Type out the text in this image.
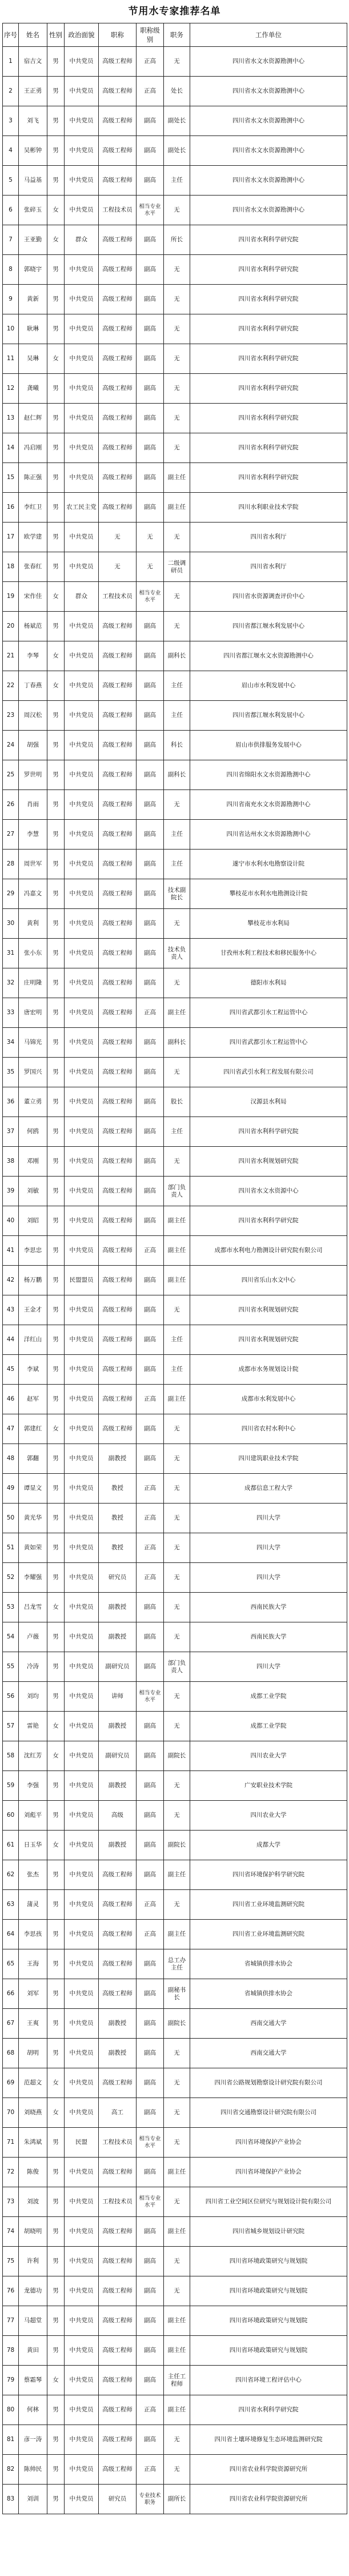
节用水专家推荐名单
序号	姓名	性别	政治面貌	职称	职称级别	职务	工作单位
1	宿吉文	男	中共党员	高级工程师	正高	无	四川省水文水资源勘测中心
2	王正勇	男	中共党员	高级工程师	正高	处长	四川省水文水资源勘测中心
3	刘飞	男	中共党员	高级工程师	副高	副处长	四川省水文水资源勘测中心
4	吴彬钟	男	中共党员	高级工程师	副高	副处长	四川省水文水资源勘测中心
5	马益基	男	中共党员	高级工程师	副高	主任	四川省水文水资源勘测中心
6	张碎玉	女	中共党员	工程技术员	相当专业水平	无	四川省水文水资源勘测中心
7	王亚勤	女	群众	高级工程师	副高	所长	四川省水利科学研究院
8	郭晓宇	男	中共党员	高级工程师	副高	无	四川省水利科学研究院
9	黄新	男	中共党员	高级工程师	副高	无	四川省水利科学研究院
10	耿琳	男	中共党员	高级工程师	副高	无	四川省水利科学研究院
11	吴琳	女	中共党员	高级工程师	副高	无	四川省水利科学研究院
12	龚曦	男	中共党员	高级工程师	副高	无	四川省水利科学研究院
13	赵仁辉	男	中共党员	高级工程师	副高	无	四川省水利科学研究院
14	冯启刚	男	中共党员	高级工程师	副高	无	四川省水利科学研究院
15	陈正强	男	中共党员	高级工程师	副高	副主任	四川省水利科学研究院
16	李红卫	男	农工民主党	高级工程师	副高	副主任	四川水利职业技术学院
17	欧学建	男	中共党员	无	无	无	四川省水利厅
18	张春红	男	中共党员	无	无	二级调研员	四川省水利厅
19	宋作佳	女	群众	工程技术员	相当专业水平	无	四川省水资源调查评价中心
20	杨斌范	男	中共党员	高级工程师	副高	无	四川省都江堰水利发展中心
21	李琴	女	中共党员	高级工程师	副高	副科长	四川省都江堰水文水资源勘测中心
22	丁春燕	女	中共党员	高级工程师	副高	主任	眉山市水利发展中心
23	周汉松	男	中共党员	高级工程师	副高	主任	四川省都江堰水利发展中心
24	胡强	男	中共党员	高级工程师	副高	科长	眉山市供排服务发展中心
25	罗世明	男	中共党员	高级工程师	副高	副科长	四川省绵阳水文水资源勘测中心
26	肖雨	男	中共党员	高级工程师	副高	无	四川省南充水文水资源勘测中心
27	李慧	男	中共党员	高级工程师	副高	主任	四川省达州水文水资源勘测中心
28	周世军	男	中共党员	高级工程师	副高	主任	遂宁市水利水电勘察设计院
29	冯嘉文	男	中共党员	高级工程师	副高	技术副院长	攀枝花市水利水电勘测设计院
30	黄利	男	中共党员	高级工程师	副高	无	攀枝花市水利局
31	张小东	男	中共党员	高级工程师	副高	技术负责人	甘孜州水利工程技术和移民服务中心
32	庄明隆	男	中共党员	高级工程师	副高	无	德阳市水利局
33	唐宏明	男	中共党员	高级工程师	正高	副主任	四川省武都引水工程运管中心
34	马锦光	男	中共党员	高级工程师	副高	副科长	四川省武都引水工程运管中心
35	罗国兴	男	中共党员	高级工程师	副高	无	四川省武引水利工程发展有限公司
36	董立勇	男	中共党员	高级工程师	副高	股长	汉源县水利局
37	何鸥	男	中共党员	高级工程师	副高	主任	四川省水利科学研究院
38	邓刚	男	中共党员	高级工程师	副高	无	四川省水利规划研究院
39	刘敏	男	中共党员	高级工程师	副高	部门负责人	四川省水文水资源中心
40	刘昭	男	中共党员	高级工程师	副高	副主任	四川省水利科学研究院
41	李思忠	男	中共党员	高级工程师	正高	副主任	成都市水利电力勘测设计研究院有限公司
42	杨万鹏	男	民盟盟员	高级工程师	副高	副主任	四川省乐山水文中心
43	王金才	男	中共党员	高级工程师	副高	无	四川省水利规划研究院
44	洋红山	男	中共党员	高级工程师	副高	主任	四川省水利规划研究院
45	李斌	男	中共党员	高级工程师	副高	主任	成都市水务规划设计院
46	赵军	男	中共党员	高级工程师	正高	副主任	成都市水利发展中心
47	郭建红	女	中共党员	高级工程师	副高	无	四川省农村水利中心
48	郭翻	男	中共党员	副教授	副高	无	四川建筑职业技术学院
49	谭显文	男	中共党员	教授	正高	无	成都信息工程大学
50	黄光华	男	中共党员	教授	正高	无	四川大学
51	黄如荣	男	中共党员	教授	正高	无	四川大学
52	李耀强	男	中共党员	研究员	正高	无	四川大学
53	吕龙雪	女	中共党员	副教授	副高	无	西南民族大学
54	卢薇	男	中共党员	副教授	副高	无	西南民族大学
55	冷涛	男	中共党员	副研究员	副高	部门负责人	四川大学
56	刘均	男	中共党员	讲师	相当专业水平	无	成都工业学院
57	雷艳	女	中共党员	副教授	副高	无	成都工业学院
58	沈红芳	女	中共党员	副研究员	副高	副院长	四川农业大学
59	李强	男	中共党员	副教授	副高	无	广安职业技术学院
60	刘彪平	男	中共党员	高级	副高	无	四川农业大学
61	日玉华	女	中共党员	副教授	副高	副院长	成都大学
62	张杰	男	中共党员	高级工程师	副高	副主任	四川省环境保护科学研究院
63	蒲灵	男	中共党员	高级工程师	正高	无	四川省工业环境监测研究院
64	李思孩	男	中共党员	高级工程师	正高	副主任	四川省工业环境监测研究院
65	王海	男	中共党员	高级工程师	副高	总工办主任	省城镇供排水协会
66	刘军	男	中共党员	高级工程师	副高	副秘书长	省城镇供排水协会
67	王爽	男	中共党员	副教授	副高	副院长	西南交通大学
68	胡明	男	中共党员	副教授	副高	无	西南交通大学
69	范超文	女	中共党员	高级工程师	副高	无	四川省公路规划勘察设计研究院有限公司
70	刘晓燕	女	中共党员	高工	副高	无	四川省交通勘察设计研究院有限公司
71	朱鸿斌	男	民盟	工程技术员	相当专业水平	无	四川省环境保护产业协会
72	陈俊	男	中共党员	高级工程师	副高	副主任	四川省环境保护产业协会
73	刘波	男	中共党员	工程技术员	相当专业水平	无	四川省工业空间区位研究与规划设计院有限公司
74	胡晓明	男	中共党员	高级工程师	副高	副主任	四川省城乡规划设计研究院
75	许利	男	中共党员	高级工程师	副高	无	四川省环境政策研究与规划院
76	龙德功	男	中共党员	高级工程师	副高	无	四川省环境政策研究与规划院
77	马超堂	男	中共党员	高级工程师	副高	副主任	四川省环境政策研究与规划院
78	黄田	男	中共党员	高级工程师	副高	副主任	四川省环境政策研究与规划院
79	蔡霜琴	女	中共党员	高级工程师	副高	主任工程师	四川省环境工程评估中心
80	何林	男	中共党员	高级工程师	正高	副主任	四川省水利科学研究院
81	彦一涛	男	中共党员	高级工程师	副高	无	四川省土壤环境修复生态环境监测研究院
82	陈帅民	男	中共党员	高级工程师	正高	无	四川省农业科学院资源研究所
83	刘训	男	中共党员	研究员	专业技术职务	副所长	四川省农业科学院资源研究所
